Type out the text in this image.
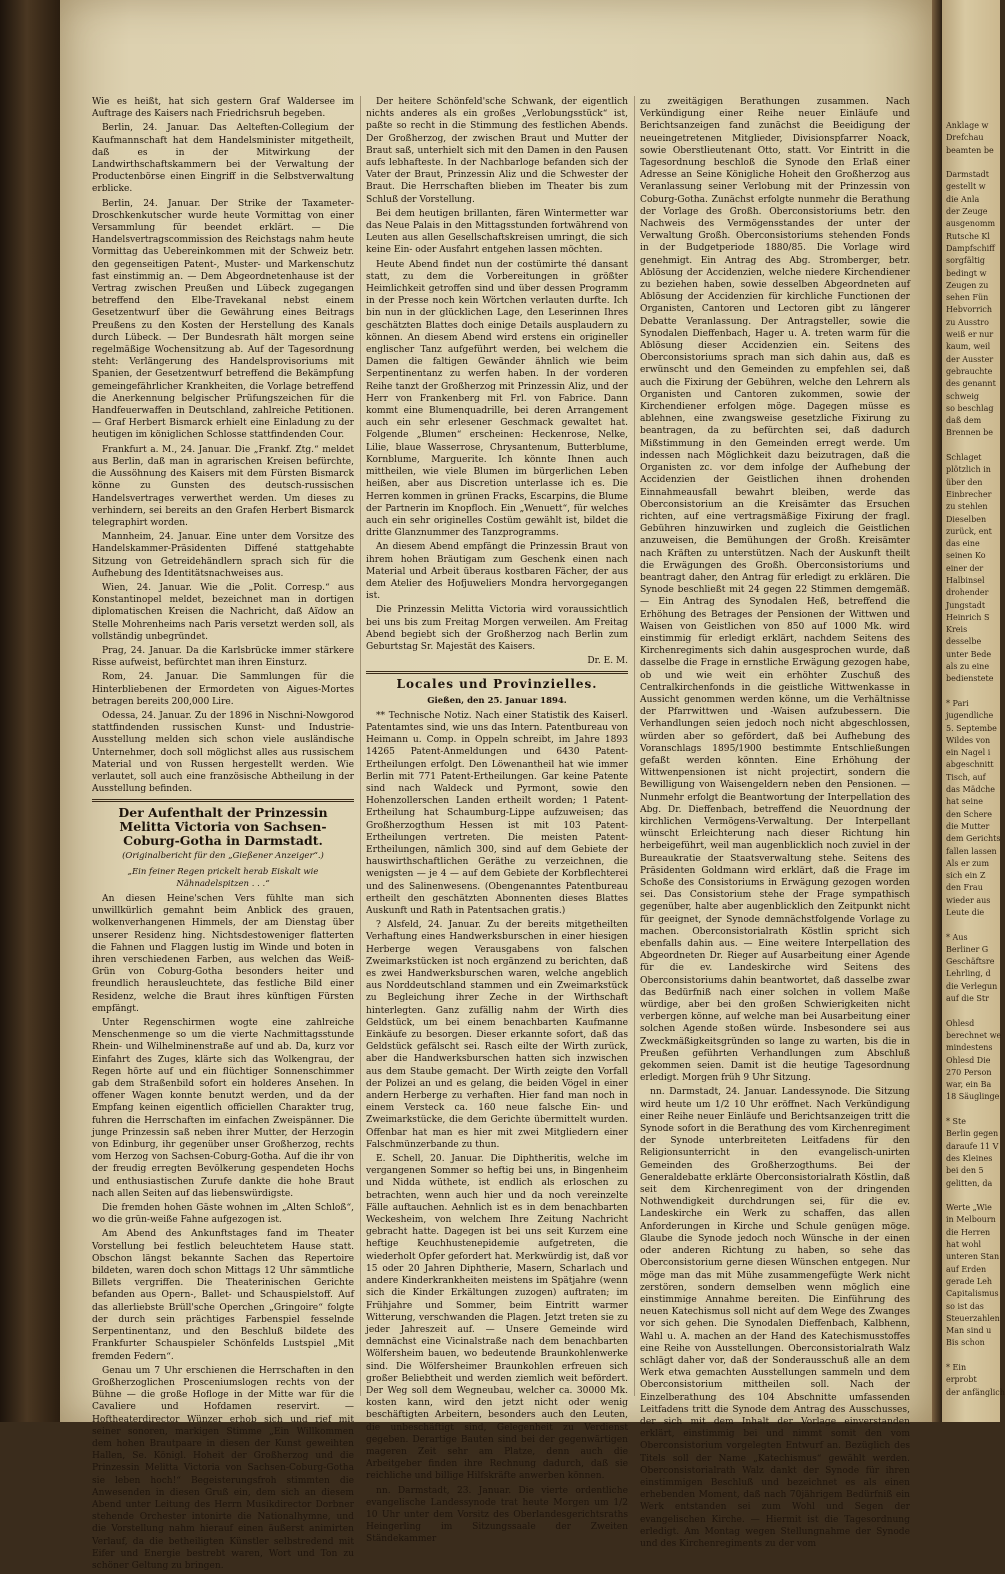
Wie es heißt, hat sich gestern Graf Waldersee im Auftrage des Kaisers nach Friedrichsruh begeben.

Berlin, 24. Januar. Das Aelteften-Collegium der Kaufmannschaft hat dem Handelsminister mitgetheilt, daß es in der Mitwirkung der Landwirthschaftskammern bei der Verwaltung der Productenbörse einen Eingriff in die Selbstverwaltung erblicke.

Berlin, 24. Januar. Der Strike der Taxameter-Droschkenkutscher wurde heute Vormittag von einer Versammlung für beendet erklärt. — Die Handelsvertragscommission des Reichstags nahm heute Vormittag das Uebereinkommen mit der Schweiz betr. den gegenseitigen Patent-, Muster- und Markenschutz fast einstimmig an. — Dem Abgeordnetenhause ist der Vertrag zwischen Preußen und Lübeck zugegangen betreffend den Elbe-Travekanal nebst einem Gesetzentwurf über die Gewährung eines Beitrags Preußens zu den Kosten der Herstellung des Kanals durch Lübeck. — Der Bundesrath hält morgen seine regelmäßige Wochensitzung ab. Auf der Tagesordnung steht: Verlängerung des Handelsprovisoriums mit Spanien, der Gesetzentwurf betreffend die Bekämpfung gemeingefährlicher Krankheiten, die Vorlage betreffend die Anerkennung belgischer Prüfungszeichen für die Handfeuerwaffen in Deutschland, zahlreiche Petitionen. — Graf Herbert Bismarck erhielt eine Einladung zu der heutigen im königlichen Schlosse stattfindenden Cour.

Frankfurt a. M., 24. Januar. Die „Frankf. Ztg.“ meldet aus Berlin, daß man in agrarischen Kreisen befürchte, die Aussöhnung des Kaisers mit dem Fürsten Bismarck könne zu Gunsten des deutsch-russischen Handelsvertrages verwerthet werden. Um dieses zu verhindern, sei bereits an den Grafen Herbert Bismarck telegraphirt worden.

Mannheim, 24. Januar. Eine unter dem Vorsitze des Handelskammer-Präsidenten Diffené stattgehabte Sitzung von Getreidehändlern sprach sich für die Aufhebung des Identitätsnachweises aus.

Wien, 24. Januar. Wie die „Polit. Corresp.“ aus Konstantinopel meldet, bezeichnet man in dortigen diplomatischen Kreisen die Nachricht, daß Aïdow an Stelle Mohrenheims nach Paris versetzt werden soll, als vollständig unbegründet.

Prag, 24. Januar. Da die Karlsbrücke immer stärkere Risse aufweist, befürchtet man ihren Einsturz.

Rom, 24. Januar. Die Sammlungen für die Hinterbliebenen der Ermordeten von Aigues-Mortes betragen bereits 200,000 Lire.

Odessa, 24. Januar. Zu der 1896 in Nischni-Nowgorod stattfindenden russischen Kunst- und Industrie-Ausstellung melden sich schon viele ausländische Unternehmer, doch soll möglichst alles aus russischem Material und von Russen hergestellt werden. Wie verlautet, soll auch eine französische Abtheilung in der Ausstellung befinden.

Der Aufenthalt der Prinzessin Melitta Victoria von Sachsen-Coburg-Gotha in Darmstadt.
(Originalbericht für den „Gießener Anzeiger“.)
„Ein feiner Regen prickelt herab Eiskalt wie Nähnadelspitzen . . .“

An diesen Heine'schen Vers fühlte man sich unwillkürlich gemahnt beim Anblick des grauen, wolkenverhangenen Himmels, der am Dienstag über unserer Residenz hing. Nichtsdestoweniger flatterten die Fahnen und Flaggen lustig im Winde und boten in ihren verschiedenen Farben, aus welchen das Weiß-Grün von Coburg-Gotha besonders heiter und freundlich herausleuchtete, das festliche Bild einer Residenz, welche die Braut ihres künftigen Fürsten empfängt.

Unter Regenschirmen wogte eine zahlreiche Menschenmenge so um die vierte Nachmittagsstunde Rhein- und Wilhelminenstraße auf und ab. Da, kurz vor Einfahrt des Zuges, klärte sich das Wolkengrau, der Regen hörte auf und ein flüchtiger Sonnenschimmer gab dem Straßenbild sofort ein holderes Ansehen. In offener Wagen konnte benutzt werden, und da der Empfang keinen eigentlich officiellen Charakter trug, fuhren die Herrschaften im einfachen Zweispänner. Die junge Prinzessin saß neben ihrer Mutter, der Herzogin von Edinburg, ihr gegenüber unser Großherzog, rechts vom Herzog von Sachsen-Coburg-Gotha. Auf die ihr von der freudig erregten Bevölkerung gespendeten Hochs und enthusiastischen Zurufe dankte die hohe Braut nach allen Seiten auf das liebenswürdigste.

Die fremden hohen Gäste wohnen im „Alten Schloß“, wo die grün-weiße Fahne aufgezogen ist.

Am Abend des Ankunftstages fand im Theater Vorstellung bei festlich beleuchtetem Hause statt. Obschon längst bekannte Sachen das Repertoire bildeten, waren doch schon Mittags 12 Uhr sämmtliche Billets vergriffen. Die Theaterinischen Gerichte befanden aus Opern-, Ballet- und Schauspielstoff. Auf das allerliebste Brüll'sche Operchen „Gringoire“ folgte der durch sein prächtiges Farbenspiel fesselnde Serpentinentanz, und den Beschluß bildete des Frankfurter Schauspieler Schönfelds Lustspiel „Mit fremden Federn“.

Genau um 7 Uhr erschienen die Herrschaften in den Großherzoglichen Prosceniumslogen rechts von der Bühne — die große Hofloge in der Mitte war für die Cavaliere und Hofdamen reservirt. — Hoftheaterdirector Wünzer erhob sich und rief mit seiner sonoren, markigen Stimme „Ein Willkommen dem hohen Brautpaare in diesen der Kunst geweihten Hallen, Se. Königl. Hoheit der Großherzog und die Prinzessin Melitta Victoria von Sachsen-Coburg-Gotha sie leben hoch!“ Begeisterungsfroh stimmten die Anwesenden in diesen Gruß ein, dem sich an diesem Abend unter Leitung des Herrn Musikdirector Dorbner stehende Orchester intonirte die Nationalhymne, und die Vorstellung nahm hierauf einen äußerst animirten Verlauf, da die betheiligten Künstler selbstredend mit Eifer und Energie bestrebt waren, Wort und Ton zu schöner Geltung zu bringen.

Der heitere Schönfeld'sche Schwank, der eigentlich nichts anderes als ein großes „Verlobungsstück“ ist, paßte so recht in die Stimmung des festlichen Abends. Der Großherzog, der zwischen Braut und Mutter der Braut saß, unterhielt sich mit den Damen in den Pausen aufs lebhafteste. In der Nachbarloge befanden sich der Vater der Braut, Prinzessin Aliz und die Schwester der Braut. Die Herrschaften blieben im Theater bis zum Schluß der Vorstellung.

Bei dem heutigen brillanten, fären Wintermetter war das Neue Palais in den Mittagsstunden fortwährend von Leuten aus allen Gesellschaftskreisen umringt, die sich keine Ein- oder Ausfahrt entgehen lassen möchten.

Heute Abend findet nun der costümirte thé dansant statt, zu dem die Vorbereitungen in größter Heimlichkeit getroffen sind und über dessen Programm in der Presse noch kein Wörtchen verlauten durfte. Ich bin nun in der glücklichen Lage, den Leserinnen Ihres geschätzten Blattes doch einige Details ausplaudern zu können. An diesem Abend wird erstens ein origineller englischer Tanz aufgeführt werden, bei welchem die Damen die faltigen Gewänder ähnlich wie beim Serpentinentanz zu werfen haben. In der vorderen Reihe tanzt der Großherzog mit Prinzessin Aliz, und der Herr von Frankenberg mit Frl. von Fabrice. Dann kommt eine Blumenquadrille, bei deren Arrangement auch ein sehr erlesener Geschmack gewaltet hat. Folgende „Blumen“ erscheinen: Heckenrose, Nelke, Lilie, blaue Wasserrose, Chrysantenum, Butterblume, Kornblume, Marguerite. Ich könnte Ihnen auch mittheilen, wie viele Blumen im bürgerlichen Leben heißen, aber aus Discretion unterlasse ich es. Die Herren kommen in grünen Fracks, Escarpins, die Blume der Partnerin im Knopfloch. Ein „Wenuett“, für welches auch ein sehr originelles Costüm gewählt ist, bildet die dritte Glanznummer des Tanzprogramms.

An diesem Abend empfängt die Prinzessin Braut von ihrem hohen Bräutigam zum Geschenk einen nach Material und Arbeit überaus kostbaren Fächer, der aus dem Atelier des Hofjuweliers Mondra hervorgegangen ist.

Die Prinzessin Melitta Victoria wird voraussichtlich bei uns bis zum Freitag Morgen verweilen. Am Freitag Abend begiebt sich der Großherzog nach Berlin zum Geburtstag Sr. Majestät des Kaisers.

Dr. E. M.
Locales und Provinzielles.
Gießen, den 25. Januar 1894.

** Technische Notiz. Nach einer Statistik des Kaiserl. Patentamtes sind, wie uns das Intern. Patentbureau von Heimann u. Comp. in Oppeln schreibt, im Jahre 1893 14265 Patent-Anmeldungen und 6430 Patent-Ertheilungen erfolgt. Den Löwenantheil hat wie immer Berlin mit 771 Patent-Ertheilungen. Gar keine Patente sind nach Waldeck und Pyrmont, sowie den Hohenzollerschen Landen ertheilt worden; 1 Patent-Ertheilung hat Schaumburg-Lippe aufzuweisen; das Großherzogthum Hessen ist mit 103 Patent-Ertheilungen vertreten. Die meisten Patent-Ertheilungen, nämlich 300, sind auf dem Gebiete der hauswirthschaftlichen Geräthe zu verzeichnen, die wenigsten — je 4 — auf dem Gebiete der Korbflechterei und des Salinenwesens. (Obengenanntes Patentbureau ertheilt den geschätzten Abonnenten dieses Blattes Auskunft und Rath in Patentsachen gratis.)

? Alsfeld, 24. Januar. Zu der bereits mitgetheilten Verhaftung eines Handwerksburschen in einer hiesigen Herberge wegen Verausgabens von falschen Zweimarkstücken ist noch ergänzend zu berichten, daß es zwei Handwerksburschen waren, welche angeblich aus Norddeutschland stammen und ein Zweimarkstück zu Begleichung ihrer Zeche in der Wirthschaft hinterlegten. Ganz zufällig nahm der Wirth dies Geldstück, um bei einem benachbarten Kaufmanne Einkäufe zu besorgen. Dieser erkannte sofort, daß das Geldstück gefälscht sei. Rasch eilte der Wirth zurück, aber die Handwerksburschen hatten sich inzwischen aus dem Staube gemacht. Der Wirth zeigte den Vorfall der Polizei an und es gelang, die beiden Vögel in einer andern Herberge zu verhaften. Hier fand man noch in einem Versteck ca. 160 neue falsche Ein- und Zweimarkstücke, die dem Gerichte übermittelt wurden. Offenbar hat man es hier mit zwei Mitgliedern einer Falschmünzerbande zu thun.

E. Schell, 20. Januar. Die Diphtheritis, welche im vergangenen Sommer so heftig bei uns, in Bingenheim und Nidda wüthete, ist endlich als erloschen zu betrachten, wenn auch hier und da noch vereinzelte Fälle auftauchen. Aehnlich ist es in dem benachbarten Weckesheim, von welchem Ihre Zeitung Nachricht gebracht hatte. Dagegen ist bei uns seit Kurzem eine heftige Keuchhustenepidemie aufgetreten, die wiederholt Opfer gefordert hat. Merkwürdig ist, daß vor 15 oder 20 Jahren Diphtherie, Masern, Scharlach und andere Kinderkrankheiten meistens im Spätjahre (wenn sich die Kinder Erkältungen zuzogen) auftraten; im Frühjahre und Sommer, beim Eintritt warmer Witterung, verschwanden die Plagen. Jetzt treten sie zu jeder Jahreszeit auf. — Unsere Gemeinde wird demnächst eine Vicinalstraße nach dem benachbarten Wölfersheim bauen, wo bedeutende Braunkohlenwerke sind. Die Wölfersheimer Braunkohlen erfreuen sich großer Beliebtheit und werden ziemlich weit befördert. Der Weg soll dem Wegneubau, welcher ca. 30000 Mk. kosten kann, wird den jetzt nicht oder wenig beschäftigten Arbeitern, besonders auch den Leuten, die unbeschäftigt sind, Gelegenheit zu Verdienst gegeben. Derartige Bauten sind bei der gegenwärtigen mageren Zeit sehr am Platze, denn auch die Arbeitgeber finden ihre Rechnung dadurch, daß sie reichliche und billige Hilfskräfte anwerben können.

nn. Darmstadt, 23. Januar. Die vierte ordentliche evangelische Landessynode trat heute Morgen um 1/2 10 Uhr unter dem Vorsitz des Oberlandesgerichtsraths Heingerling im Sitzungssaale der Zweiten Ständekammer

zu zweitägigen Berathungen zusammen. Nach Verkündigung einer Reihe neuer Einläufe und Berichtsanzeigen fand zunächst die Beeidigung der neueingetretenen Mitglieder, Divisionspfarrer Noack, sowie Oberstlieutenant Otto, statt. Vor Eintritt in die Tagesordnung beschloß die Synode den Erlaß einer Adresse an Seine Königliche Hoheit den Großherzog aus Veranlassung seiner Verlobung mit der Prinzessin von Coburg-Gotha. Zunächst erfolgte nunmehr die Berathung der Vorlage des Großh. Oberconsistoriums betr. den Nachweis des Vermögensstandes der unter der Verwaltung Großh. Oberconsistoriums stehenden Fonds in der Budgetperiode 1880/85. Die Vorlage wird genehmigt. Ein Antrag des Abg. Stromberger, betr. Ablösung der Accidenzien, welche niedere Kirchendiener zu beziehen haben, sowie desselben Abgeordneten auf Ablösung der Accidenzien für kirchliche Functionen der Organisten, Cantoren und Lectoren gibt zu längerer Debatte Veranlassung. Der Antragsteller, sowie die Synodalen Dieffenbach, Hager u. A. treten warm für die Ablösung dieser Accidenzien ein. Seitens des Oberconsistoriums sprach man sich dahin aus, daß es erwünscht und den Gemeinden zu empfehlen sei, daß auch die Fixirung der Gebühren, welche den Lehrern als Organisten und Cantoren zukommen, sowie der Kirchendiener erfolgen möge. Dagegen müsse es ablehnen, eine zwangsweise gesetzliche Fixirung zu beantragen, da zu befürchten sei, daß dadurch Mißstimmung in den Gemeinden erregt werde. Um indessen nach Möglichkeit dazu beizutragen, daß die Organisten zc. vor dem infolge der Aufhebung der Accidenzien der Geistlichen ihnen drohenden Einnahmeausfall bewahrt bleiben, werde das Oberconsistorium an die Kreisämter das Ersuchen richten, auf eine vertragsmäßige Fixirung der fragl. Gebühren hinzuwirken und zugleich die Geistlichen anzuweisen, die Bemühungen der Großh. Kreisämter nach Kräften zu unterstützen. Nach der Auskunft theilt die Erwägungen des Großh. Oberconsistoriums und beantragt daher, den Antrag für erledigt zu erklären. Die Synode beschließt mit 24 gegen 22 Stimmen demgemäß. — Ein Antrag des Synodalen Heß, betreffend die Erhöhung des Betrages der Pensionen der Wittwen und Waisen von Geistlichen von 850 auf 1000 Mk. wird einstimmig für erledigt erklärt, nachdem Seitens des Kirchenregiments sich dahin ausgesprochen wurde, daß dasselbe die Frage in ernstliche Erwägung gezogen habe, ob und wie weit ein erhöhter Zuschuß des Centralkirchenfonds in die geistliche Wittwenkasse in Aussicht genommen werden könne, um die Verhältnisse der Pfarrwittwen und -Waisen aufzubessern. Die Verhandlungen seien jedoch noch nicht abgeschlossen, würden aber so gefördert, daß bei Aufhebung des Voranschlags 1895/1900 bestimmte Entschließungen gefaßt werden könnten. Eine Erhöhung der Wittwenpensionen ist nicht projectirt, sondern die Bewilligung von Waisengeldern neben den Pensionen. — Nunmehr erfolgt die Beantwortung der Interpellation des Abg. Dr. Dieffenbach, betreffend die Neuordnung der kirchlichen Vermögens-Verwaltung. Der Interpellant wünscht Erleichterung nach dieser Richtung hin herbeigeführt, weil man augenblicklich noch zuviel in der Bureaukratie der Staatsverwaltung stehe. Seitens des Präsidenten Goldmann wird erklärt, daß die Frage im Schoße des Consistoriums in Erwägung gezogen worden sei. Das Consistorium stehe der Frage sympathisch gegenüber, halte aber augenblicklich den Zeitpunkt nicht für geeignet, der Synode demnächstfolgende Vorlage zu machen. Oberconsistorialrath Köstlin spricht sich ebenfalls dahin aus. — Eine weitere Interpellation des Abgeordneten Dr. Rieger auf Ausarbeitung einer Agende für die ev. Landeskirche wird Seitens des Oberconsistoriums dahin beantwortet, daß dasselbe zwar das Bedürfniß nach einer solchen in vollem Maße würdige, aber bei den großen Schwierigkeiten nicht verbergen könne, auf welche man bei Ausarbeitung einer solchen Agende stoßen würde. Insbesondere sei aus Zweckmäßigkeitsgründen so lange zu warten, bis die in Preußen geführten Verhandlungen zum Abschluß gekommen seien. Damit ist die heutige Tagesordnung erledigt. Morgen früh 9 Uhr Sitzung.

nn. Darmstadt, 24. Januar. Landessynode. Die Sitzung wird heute um 1/2 10 Uhr eröffnet. Nach Verkündigung einer Reihe neuer Einläufe und Berichtsanzeigen tritt die Synode sofort in die Berathung des vom Kirchenregiment der Synode unterbreiteten Leitfadens für den Religionsunterricht in den evangelisch-unirten Gemeinden des Großherzogthums. Bei der Generaldebatte erklärte Oberconsistorialrath Köstlin, daß seit dem Kirchenregiment von der dringenden Nothwendigkeit durchdrungen sei, für die ev. Landeskirche ein Werk zu schaffen, das allen Anforderungen in Kirche und Schule genügen möge. Glaube die Synode jedoch noch Wünsche in der einen oder anderen Richtung zu haben, so sehe das Oberconsistorium gerne diesen Wünschen entgegen. Nur möge man das mit Mühe zusammengefügte Werk nicht zerstören, sondern demselben wenn möglich eine einstimmige Annahme bereiten. Die Einführung des neuen Katechismus soll nicht auf dem Wege des Zwanges vor sich gehen. Die Synodalen Dieffenbach, Kalbhenn, Wahl u. A. machen an der Hand des Katechismusstoffes eine Reihe von Ausstellungen. Oberconsistorialrath Walz schlägt daher vor, daß der Sonderausschuß alle an dem Werk etwa gemachten Ausstellungen sammeln und dem Oberconsistorium mittheilen soll. Nach der Einzelberathung des 104 Abschnitte umfassenden Leitfadens tritt die Synode dem Antrag des Ausschusses, der sich mit dem Inhalt der Vorlage einverstanden erklärt, einstimmig bei und nimmt somit den vom Oberconsistorium vorgelegten Entwurf an. Bezüglich des Titels soll der Name „Katechismus“ gewählt werden. Oberconsistorialrath Walz dankt der Synode für ihren einstimmigen Beschluß und bezeichnet es als einen erhebenden Moment, daß nach 70jährigem Bedürfniß ein Werk entstanden sei zum Wohl und Segen der evangelischen Kirche. — Hiermit ist die Tagesordnung erledigt. Am Montag wegen Stellungnahme der Synode und des Kirchenregiments zu der vom

Anklage w
Drefchau
beamten be
Darmstadt
gestellt w
die Anla
der Zeuge
ausgenomm
Rutsche Kl
Dampfschiff
sorgfältig
bedingt w
Zeugen zu
sehen Fün
Hebvorrich
zu Ausstro
weiß er nur
kaum, weil
der Ausster
gebrauchte
des genannt
schweig
so beschlag
daß dem
Brennen be
Schlaget
plötzlich in
über den
Einbrecher
zu stehlen
Dieselben
zurück, ent
das eine
seinen Ko
einer der
Halbinsel
drohender
Jungstadt
Heinrich S
Kreis
desselbe
unter Bede
als zu eine
bedienstete
* Pari
jugendliche
5. Septembe
Wildes von
ein Nagel i
abgeschnitt
Tisch, auf
das Mädche
hat seine
den Schere
die Mutter
dem Gerichts
fallen lassen
Als er zum
sich ein Z
den Frau
wieder aus
Leute die
* Aus
Berliner G
Geschäftsre
Lehrling, d
die Verlegun
auf die Str
Ohlesd
berechnet we
mindestens
Ohlesd Die
270 Person
war, ein Ba
18 Säuglinge
* Ste
Berlin gegen
daraufe 11 V
des Kleines
bei den 5
gelitten, da
Werte „Wie
in Melbourn
die Herren
hat wohl
unteren Stan
auf Erden
gerade Leh
Capitalismus
so ist das
Steuerzahlen
Man sind u
Bis schon
* Ein
erprobt
der anfänglich
